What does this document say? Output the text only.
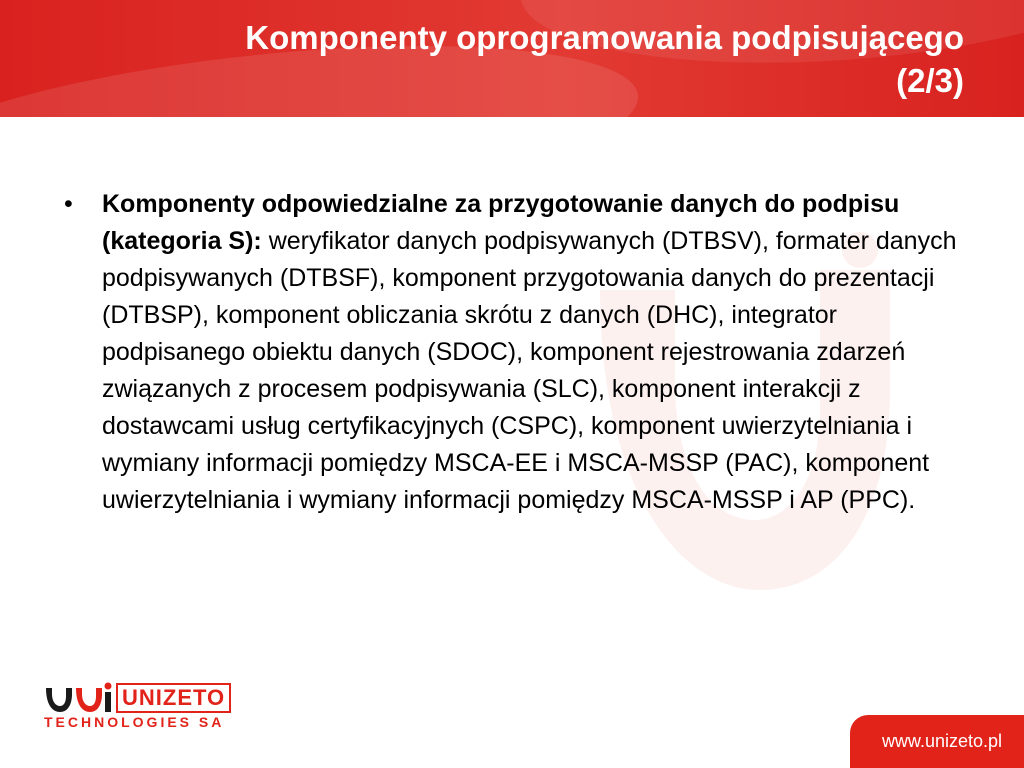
Komponenty oprogramowania podpisującego
(2/3)
•	Komponenty odpowiedzialne za przygotowanie danych do podpisu (kategoria S): weryfikator danych podpisywanych (DTBSV), formater danych podpisywanych (DTBSF), komponent przygotowania danych do prezentacji (DTBSP), komponent obliczania skrótu z danych (DHC), integrator podpisanego obiektu danych (SDOC), komponent rejestrowania zdarzeń związanych z procesem podpisywania (SLC), komponent interakcji z dostawcami usług certyfikacyjnych (CSPC), komponent uwierzytelniania i wymiany informacji pomiędzy MSCA-EE i MSCA-MSSP (PAC), komponent uwierzytelniania i wymiany informacji pomiędzy MSCA-MSSP i AP (PPC).
UNIZETO
TECHNOLOGIES SA
www.unizeto.pl
